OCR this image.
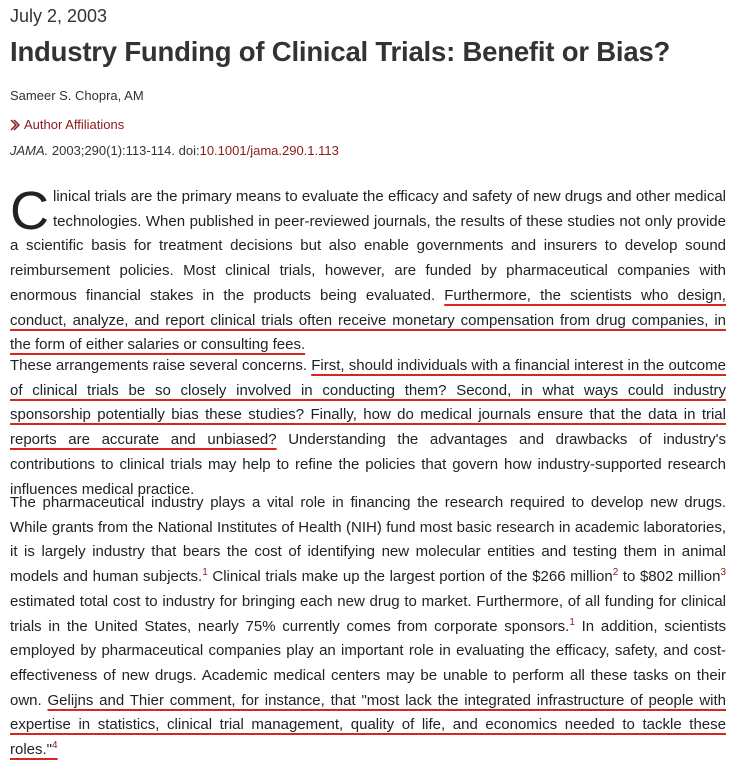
July 2, 2003
Industry Funding of Clinical Trials: Benefit or Bias?
Sameer S. Chopra, AM
Author Affiliations
JAMA. 2003;290(1):113-114. doi:10.1001/jama.290.1.113

Clinical trials are the primary means to evaluate the efficacy and safety of new drugs and other medical technologies. When published in peer-reviewed journals, the results of these studies not only provide a scientific basis for treatment decisions but also enable governments and insurers to develop sound reimbursement policies. Most clinical trials, however, are funded by pharmaceutical companies with enormous financial stakes in the products being evaluated. Furthermore, the scientists who design, conduct, analyze, and report clinical trials often receive monetary compensation from drug companies, in the form of either salaries or consulting fees.

These arrangements raise several concerns. First, should individuals with a financial interest in the outcome of clinical trials be so closely involved in conducting them? Second, in what ways could industry sponsorship potentially bias these studies? Finally, how do medical journals ensure that the data in trial reports are accurate and unbiased? Understanding the advantages and drawbacks of industry's contributions to clinical trials may help to refine the policies that govern how industry-supported research influences medical practice.

The pharmaceutical industry plays a vital role in financing the research required to develop new drugs. While grants from the National Institutes of Health (NIH) fund most basic research in academic laboratories, it is largely industry that bears the cost of identifying new molecular entities and testing them in animal models and human subjects.$^1$ Clinical trials make up the largest portion of the $266 million$^2$ to $802 million$^3$ estimated total cost to industry for bringing each new drug to market. Furthermore, of all funding for clinical trials in the United States, nearly 75% currently comes from corporate sponsors.$^1$ In addition, scientists employed by pharmaceutical companies play an important role in evaluating the efficacy, safety, and cost-effectiveness of new drugs. Academic medical centers may be unable to perform all these tasks on their own. Gelijns and Thier comment, for instance, that "most lack the integrated infrastructure of people with expertise in statistics, clinical trial management, quality of life, and economics needed to tackle these roles."$^4$
